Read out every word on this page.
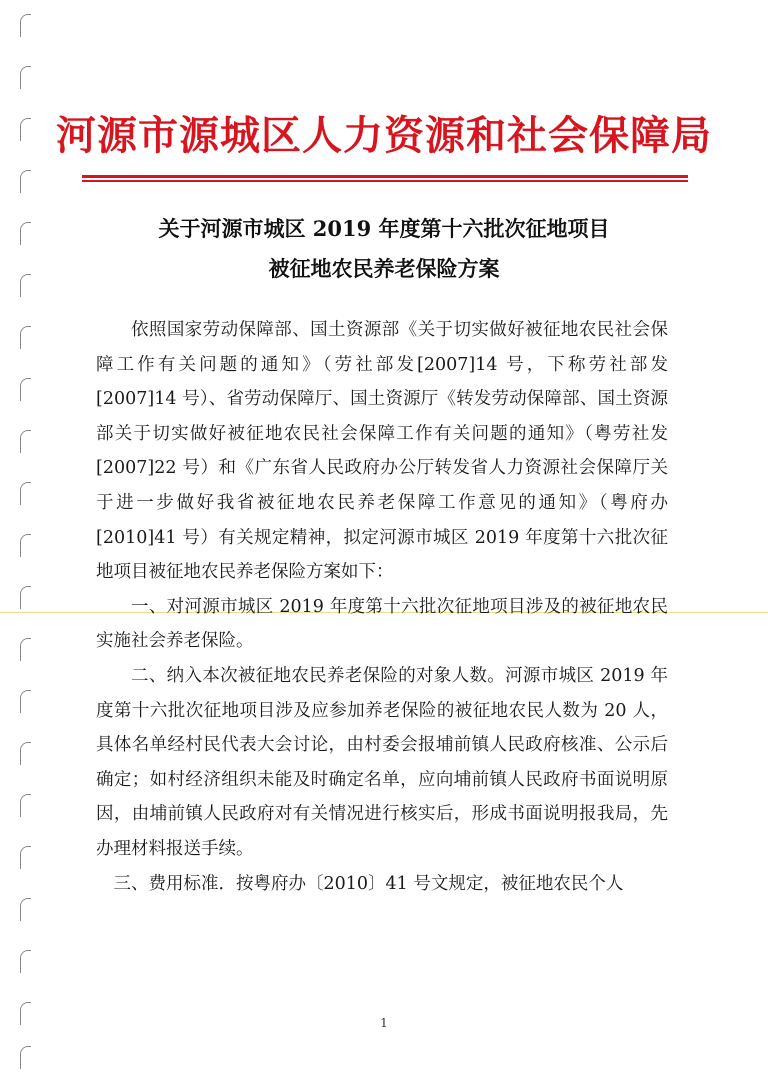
河源市源城区人力资源和社会保障局
关于河源市城区 2019 年度第十六批次征地项目
被征地农民养老保险方案

依照国家劳动保障部、国土资源部《关于切实做好被征地农民社会保障工作有关问题的通知》（劳社部发[2007]14 号，下称劳社部发[2007]14 号）、省劳动保障厅、国土资源厅《转发劳动保障部、国土资源部关于切实做好被征地农民社会保障工作有关问题的通知》（粤劳社发[2007]22 号）和《广东省人民政府办公厅转发省人力资源社会保障厅关于进一步做好我省被征地农民养老保障工作意见的通知》（粤府办[2010]41 号）有关规定精神，拟定河源市城区 2019 年度第十六批次征地项目被征地农民养老保险方案如下：

一、对河源市城区 2019 年度第十六批次征地项目涉及的被征地农民实施社会养老保险。

二、纳入本次被征地农民养老保险的对象人数。河源市城区 2019 年度第十六批次征地项目涉及应参加养老保险的被征地农民人数为 20 人，具体名单经村民代表大会讨论，由村委会报埔前镇人民政府核准、公示后确定；如村经济组织未能及时确定名单，应向埔前镇人民政府书面说明原因，由埔前镇人民政府对有关情况进行核实后，形成书面说明报我局，先办理材料报送手续。

三、费用标准．按粤府办〔2010〕41 号文规定，被征地农民个人

1
